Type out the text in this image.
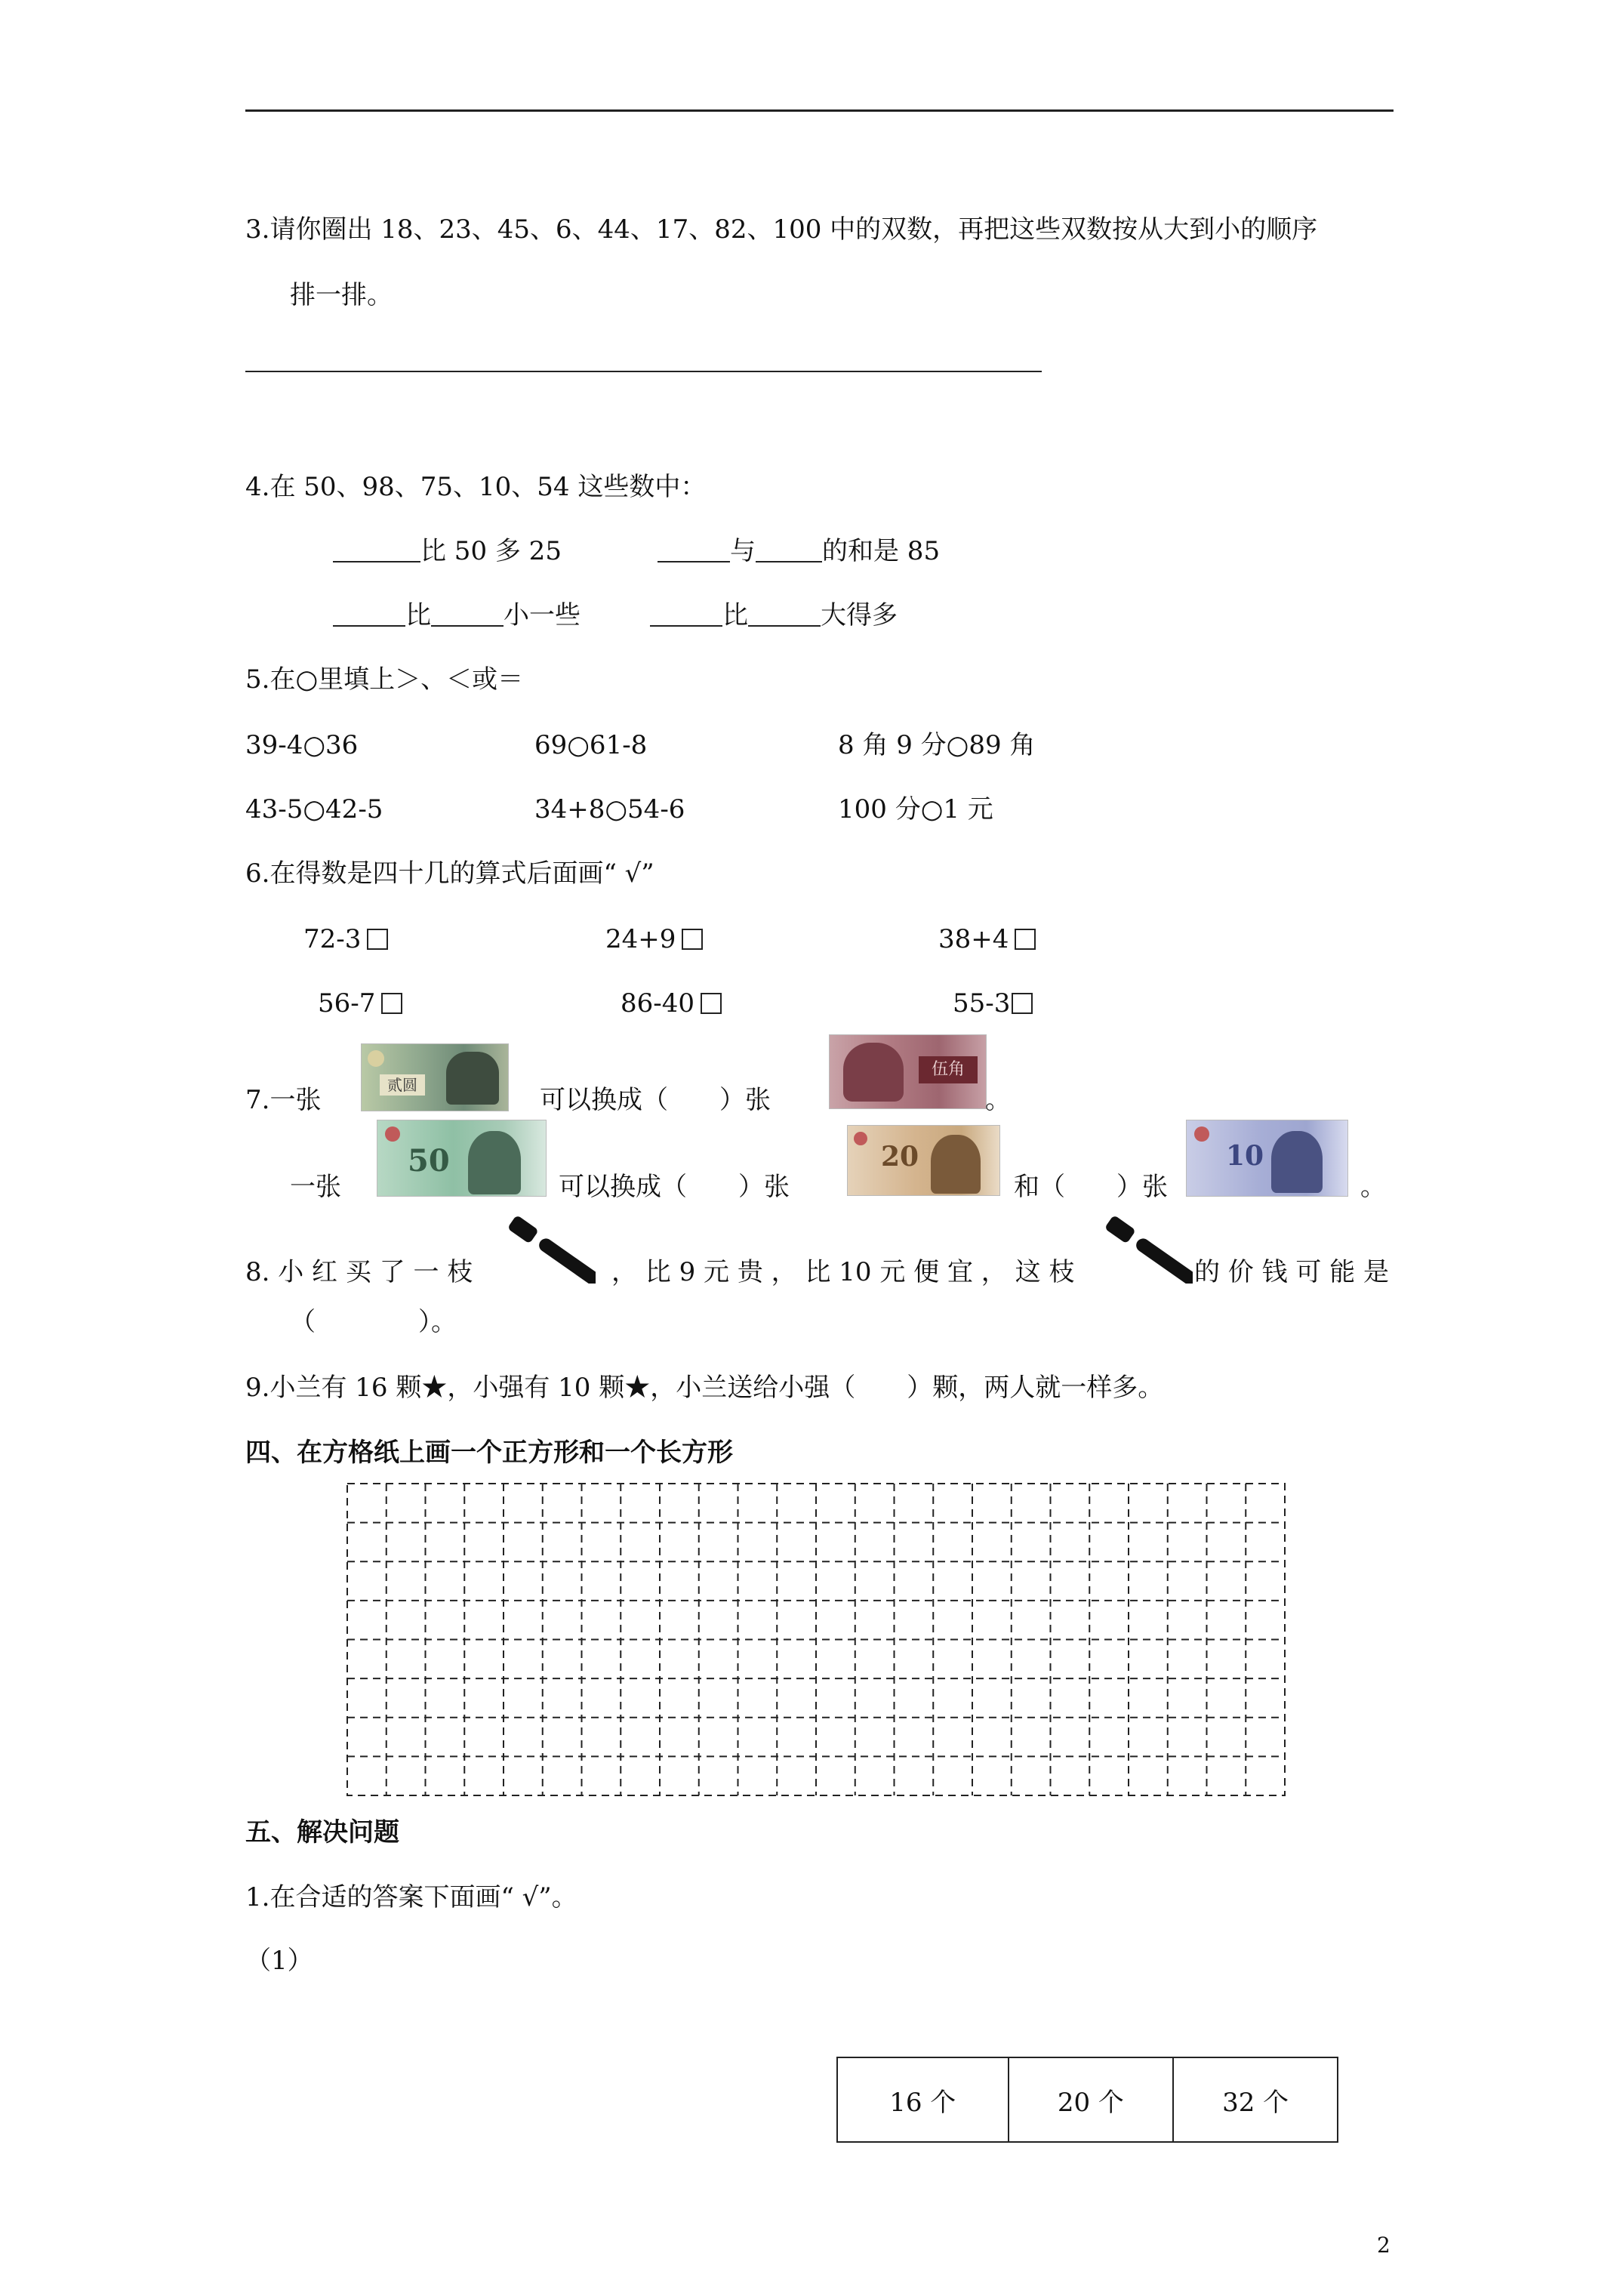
3.请你圈出 18、23、45、6、44、17、82、100 中的双数，再把这些双数按从大到小的顺序
排一排。
4.在 50、98、75、10、54 这些数中：
比 50 多 25	与	的和是 85
比	小一些	比	大得多
5.在○里填上＞、＜或＝
39-4○36	69○61-8	8 角 9 分○89 角
43-5○42-5	34+8○54-6	100 分○1 元
6.在得数是四十几的算式后面画“ √”
72-3	24+9	38+4
56-7	86-40	55-3
7.一张	贰圆	可以换成（　　）张
伍角
。
一张
50
可以换成（　　）张
20
和（　　）张
10
。
8. 小 红 买 了 一 枝	， 比 9 元 贵 ， 比 10 元 便 宜 ， 这 枝	的 价 钱 可 能 是
（　　　　）。
9.小兰有 16 颗★，小强有 10 颗★，小兰送给小强（　　）颗，两人就一样多。
四、在方格纸上画一个正方形和一个长方形
五、解决问题
1.在合适的答案下面画“ √”。
（1）
16 个	20 个	32 个
2
